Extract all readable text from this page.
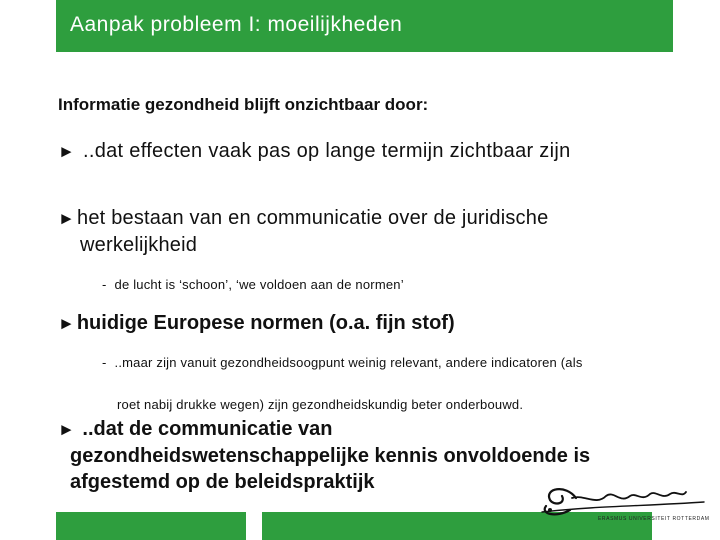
Aanpak probleem I: moeilijkheden
Informatie gezondheid blijft onzichtbaar door:
► ..dat effecten vaak pas op lange termijn zichtbaar zijn
► het bestaan van en communicatie over de juridische
werkelijkheid
- de lucht is ‘schoon’, ‘we voldoen aan de normen’
► huidige Europese normen (o.a. fijn stof)
- ..maar zijn vanuit gezondheidsoogpunt weinig relevant, andere indicatoren (als
roet nabij drukke wegen) zijn gezondheidskundig beter onderbouwd.
► ..dat de communicatie van
gezondheidswetenschappelijke kennis onvoldoende is
afgestemd op de beleidspraktijk
ERASMUS UNIVERSITEIT ROTTERDAM
